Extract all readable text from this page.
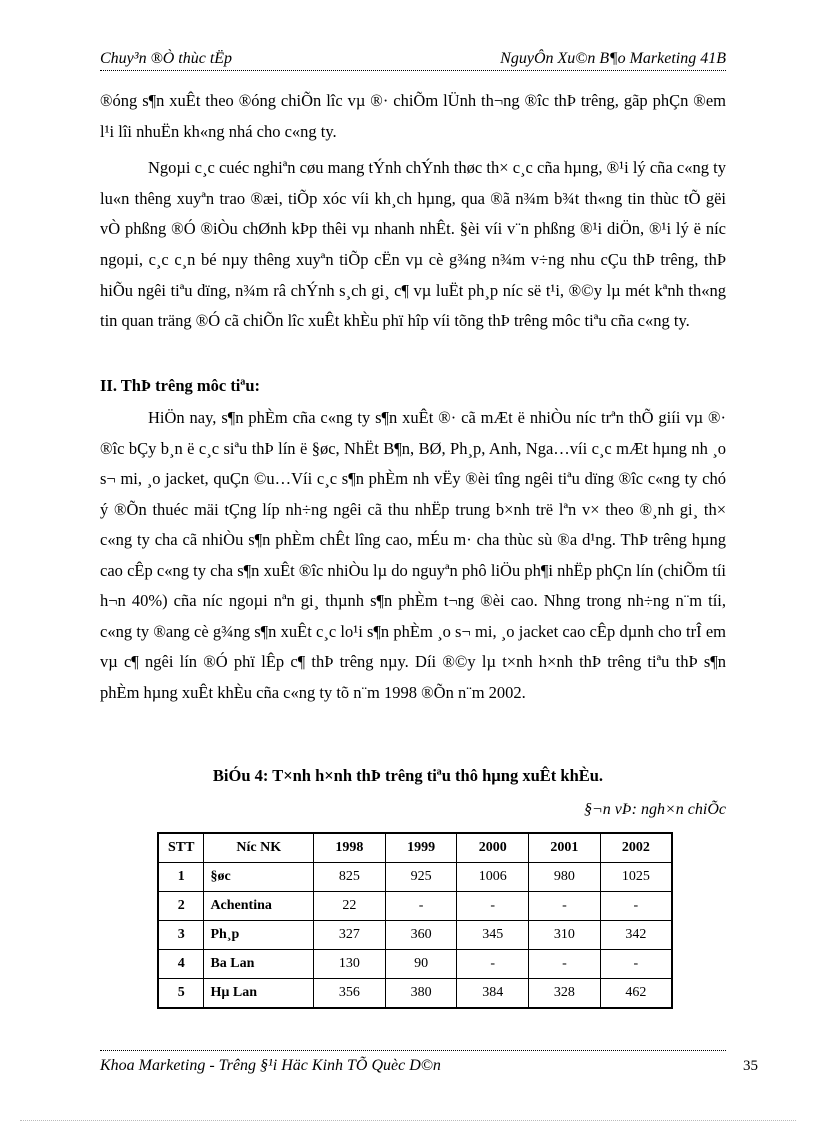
Chuy³n ®Ò thùc tËp	NguyÔn Xu©n B¶o Marketing 41B

®óng s¶n xuÊt theo ®óng chiÕn lîc vµ ®· chiÕm lÜnh th¬ng ®îc thÞ trêng, gãp phÇn ®em l¹i lîi nhuËn kh«ng nhá cho c«ng ty.

Ngoµi c¸c cuéc nghiªn cøu mang tÝnh chÝnh thøc th× c¸c cña hµng, ®¹i lý cña c«ng ty lu«n thêng xuyªn trao ®æi, tiÕp xóc víi kh¸ch hµng, qua ®ã n¾m b¾t th«ng tin thùc tÕ gëi vÒ phßng ®Ó ®iÒu chØnh kÞp thêi vµ nhanh nhÊt. §èi víi v¨n phßng ®¹i diÖn, ®¹i lý ë níc ngoµi, c¸c c¸n bé nµy thêng xuyªn tiÕp cËn vµ cè g¾ng n¾m v÷ng nhu cÇu thÞ trêng, thÞ hiÕu ngêi tiªu dïng, n¾m râ chÝnh s¸ch gi¸ c¶ vµ luËt ph¸p níc së t¹i, ®©y lµ mét kªnh th«ng tin quan träng ®Ó cã chiÕn lîc xuÊt khÈu phï hîp víi tõng thÞ trêng môc tiªu cña c«ng ty.

II. ThÞ trêng môc tiªu:

HiÖn nay, s¶n phÈm cña c«ng ty s¶n xuÊt ®· cã mÆt ë nhiÒu níc trªn thÕ giíi vµ ®· ®îc bÇy b¸n ë c¸c siªu thÞ lín ë §øc, NhËt B¶n, BØ, Ph¸p, Anh, Nga…víi c¸c mÆt hµng nh ¸o s¬ mi, ¸o jacket, quÇn ©u…Víi c¸c s¶n phÈm nh vËy ®èi tîng ngêi tiªu dïng ®îc c«ng ty chó ý ®Õn thuéc mäi tÇng líp nh÷ng ngêi cã thu nhËp trung b×nh trë lªn v× theo ®¸nh gi¸ th× c«ng ty cha cã nhiÒu s¶n phÈm chÊt lîng cao, mÉu m· cha thùc sù ®a d¹ng. ThÞ trêng hµng cao cÊp c«ng ty cha s¶n xuÊt ®îc nhiÒu lµ do nguyªn phô liÖu ph¶i nhËp phÇn lín (chiÕm tíi h¬n 40%) cña níc ngoµi nªn gi¸ thµnh s¶n phÈm t¬ng ®èi cao. Nhng trong nh÷ng n¨m tíi, c«ng ty ®ang cè g¾ng s¶n xuÊt c¸c lo¹i s¶n phÈm ¸o s¬ mi, ¸o jacket cao cÊp dµnh cho trÎ em vµ c¶ ngêi lín ®Ó phï lÊp c¶ thÞ trêng nµy. Díi ®©y lµ t×nh h×nh thÞ trêng tiªu thÞ s¶n phÈm hµng xuÊt khÈu cña c«ng ty tõ n¨m 1998 ®Õn n¨m 2002.

BiÓu 4: T×nh h×nh thÞ trêng tiªu thô hµng xuÊt khÈu.
§¬n vÞ: ngh×n chiÕc
STT	Níc NK	1998	1999	2000	2001	2002
1	§øc	825	925	1006	980	1025
2	Achentina	22	-	-	-	-
3	Ph¸p	327	360	345	310	342
4	Ba Lan	130	90	-	-	-
5	Hµ Lan	356	380	384	328	462
Khoa Marketing - Trêng §¹i Häc Kinh TÕ Quèc D©n	35
